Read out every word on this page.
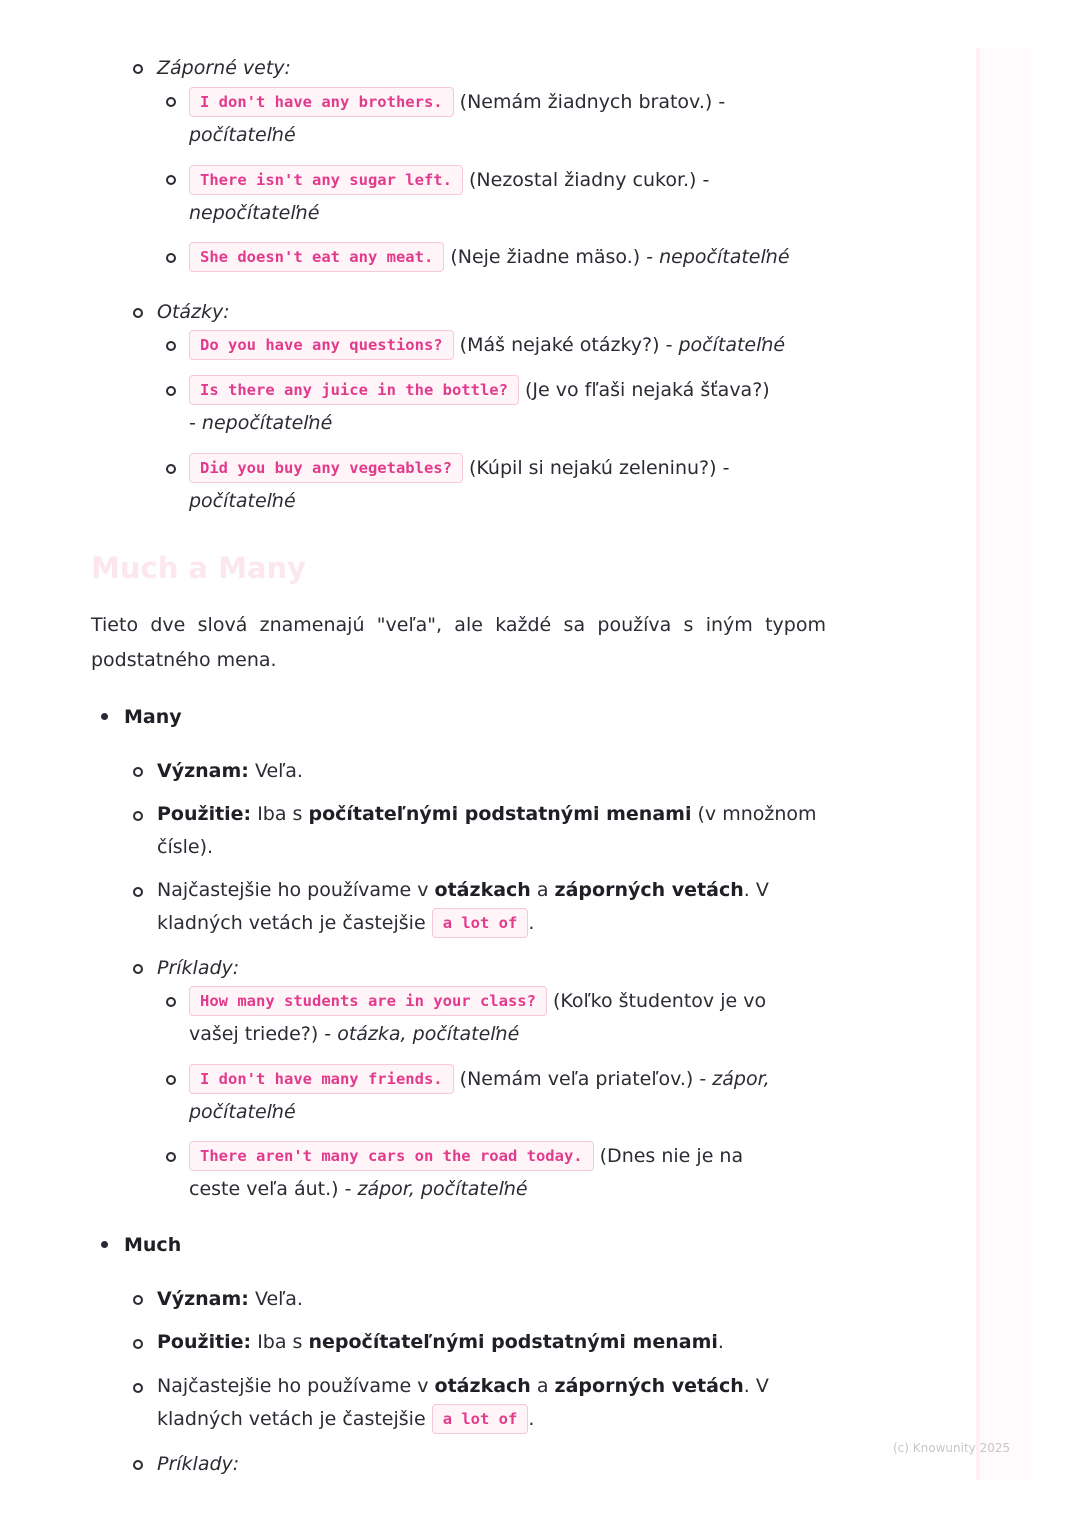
Záporné vety:
I don't have any brothers. (Nemám žiadnych bratov.) -
počítateľné
There isn't any sugar left. (Nezostal žiadny cukor.) -
nepočítateľné
She doesn't eat any meat. (Neje žiadne mäso.) - nepočítateľné
Otázky:
Do you have any questions? (Máš nejaké otázky?) - počítateľné
Is there any juice in the bottle? (Je vo fľaši nejaká šťava?)
- nepočítateľné
Did you buy any vegetables? (Kúpil si nejakú zeleninu?) -
počítateľné
Much a Many
Tieto dve slová znamenajú "veľa", ale každé sa používa s iným typom
podstatného mena.
Many
Význam: Veľa.
Použitie: Iba s počítateľnými podstatnými menami (v množnom
čísle).
Najčastejšie ho používame v otázkach a záporných vetách. V
kladných vetách je častejšie a lot of .
Príklady:
How many students are in your class? (Koľko študentov je vo
vašej triede?) - otázka, počítateľné
I don't have many friends. (Nemám veľa priateľov.) - zápor,
počítateľné
There aren't many cars on the road today. (Dnes nie je na
ceste veľa áut.) - zápor, počítateľné
Much
Význam: Veľa.
Použitie: Iba s nepočítateľnými podstatnými menami.
Najčastejšie ho používame v otázkach a záporných vetách. V
kladných vetách je častejšie a lot of .
Príklady:
(c) Knowunity 2025
